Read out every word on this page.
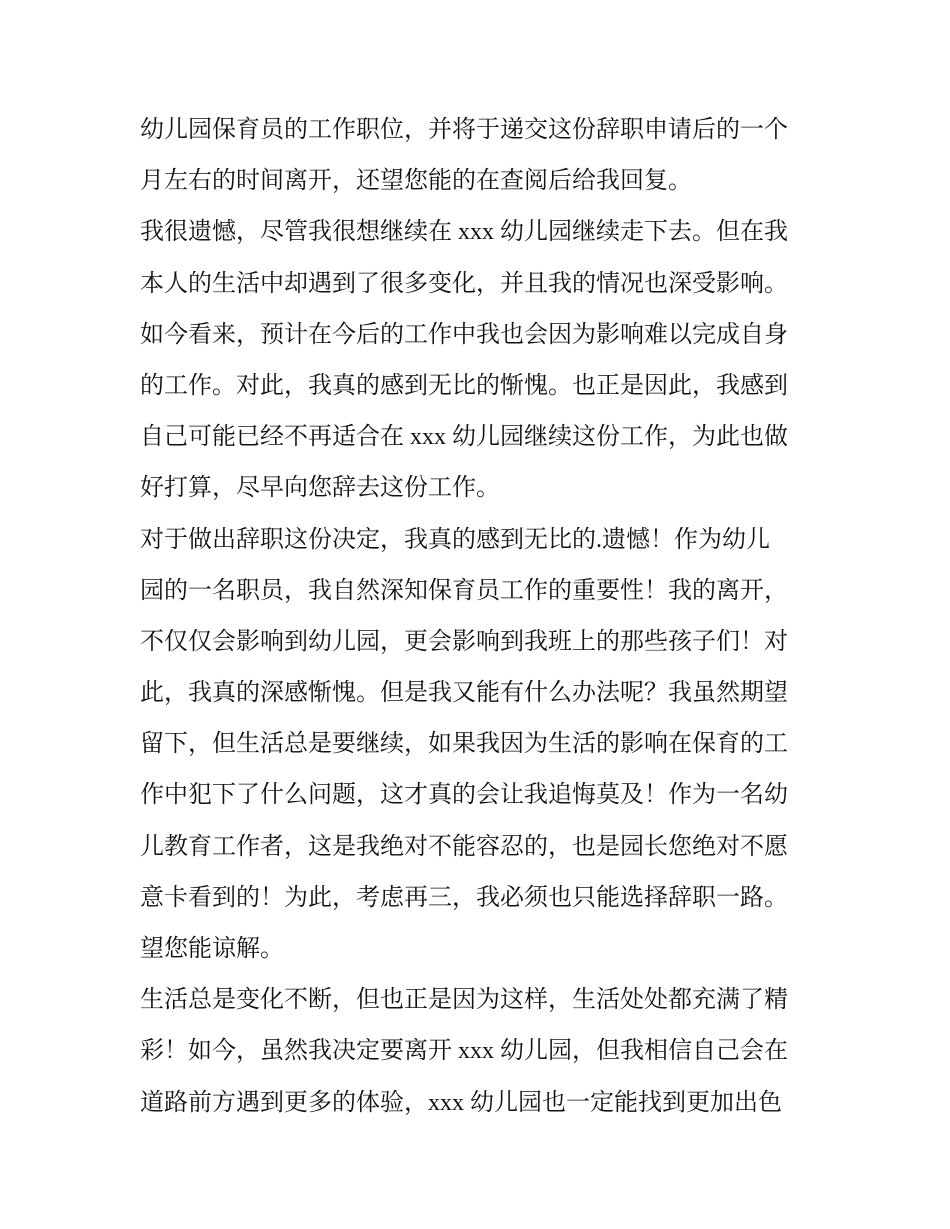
幼儿园保育员的工作职位，并将于递交这份辞职申请后的一个
月左右的时间离开，还望您能的在查阅后给我回复。
我很遗憾，尽管我很想继续在 xxx 幼儿园继续走下去。但在我
本人的生活中却遇到了很多变化，并且我的情况也深受影响。
如今看来，预计在今后的工作中我也会因为影响难以完成自身
的工作。对此，我真的感到无比的惭愧。也正是因此，我感到
自己可能已经不再适合在 xxx 幼儿园继续这份工作，为此也做
好打算，尽早向您辞去这份工作。
对于做出辞职这份决定，我真的感到无比的.遗憾！作为幼儿
园的一名职员，我自然深知保育员工作的重要性！我的离开，
不仅仅会影响到幼儿园，更会影响到我班上的那些孩子们！对
此，我真的深感惭愧。但是我又能有什么办法呢？我虽然期望
留下，但生活总是要继续，如果我因为生活的影响在保育的工
作中犯下了什么问题，这才真的会让我追悔莫及！作为一名幼
儿教育工作者，这是我绝对不能容忍的，也是园长您绝对不愿
意卡看到的！为此，考虑再三，我必须也只能选择辞职一路。
望您能谅解。
生活总是变化不断，但也正是因为这样，生活处处都充满了精
彩！如今，虽然我决定要离开 xxx 幼儿园，但我相信自己会在
道路前方遇到更多的体验，xxx 幼儿园也一定能找到更加出色
